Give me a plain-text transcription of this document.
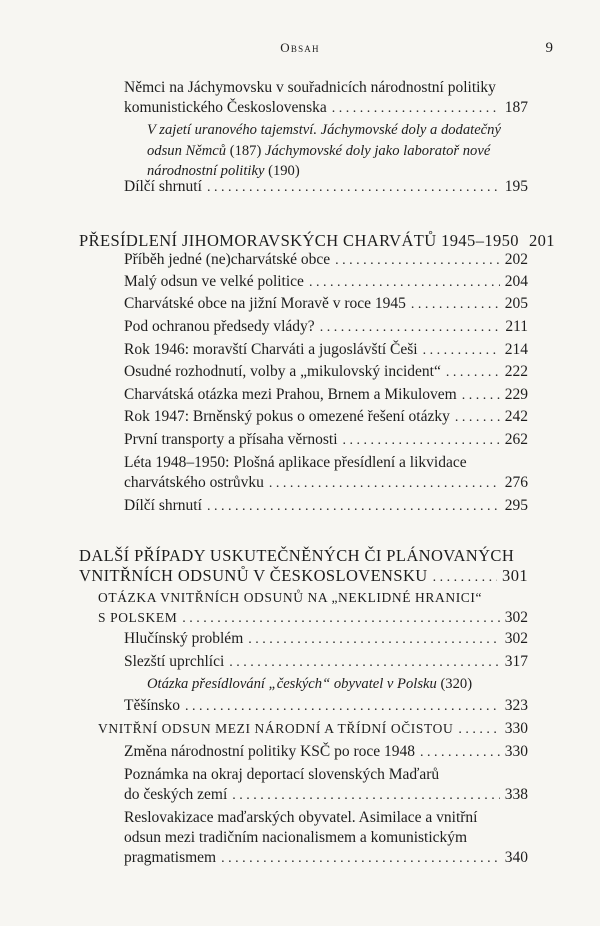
Obsah	9
Němci na Jáchymovsku v souřadnicích národnostní politiky
komunistického Československa . . .	187
V zajetí uranového tajemství. Jáchymovské doly a dodatečný
odsun Němců (187) Jáchymovské doly jako laboratoř nové
národnostní politiky (190)
Dílčí shrnutí . . .	195
PŘESÍDLENÍ JIHOMORAVSKÝCH CHARVÁTŮ 1945–1950 201
Příběh jedné (ne)charvátské obce . . .	202
Malý odsun ve velké politice . . .	204
Charvátské obce na jižní Moravě v roce 1945 . . .	205
Pod ochranou předsedy vlády? . . .	211
Rok 1946: moravští Charváti a jugoslávští Češi . . .	214
Osudné rozhodnutí, volby a „mikulovský incident“ . . .	222
Charvátská otázka mezi Prahou, Brnem a Mikulovem . . .	229
Rok 1947: Brněnský pokus o omezené řešení otázky . . .	242
První transporty a přísaha věrnosti . . .	262
Léta 1948–1950: Plošná aplikace přesídlení a likvidace
charvátského ostrůvku . . .	276
Dílčí shrnutí . . .	295
DALŠÍ PŘÍPADY USKUTEČNĚNÝCH ČI PLÁNOVANÝCH
VNITŘNÍCH ODSUNŮ V ČESKOSLOVENSKU . . .	301
OTÁZKA VNITŘNÍCH ODSUNŮ NA „NEKLIDNÉ HRANICI“
S POLSKEM . . .	302
Hlučínský problém . . .	302
Slezští uprchlíci . . .	317
Otázka přesídlování „českých“ obyvatel v Polsku (320)
Těšínsko . . .	323
VNITŘNÍ ODSUN MEZI NÁRODNÍ A TŘÍDNÍ OČISTOU . . .	330
Změna národnostní politiky KSČ po roce 1948 . . .	330
Poznámka na okraj deportací slovenských Maďarů
do českých zemí . . .	338
Reslovakizace maďarských obyvatel. Asimilace a vnitřní
odsun mezi tradičním nacionalismem a komunistickým
pragmatismem . . .	340
